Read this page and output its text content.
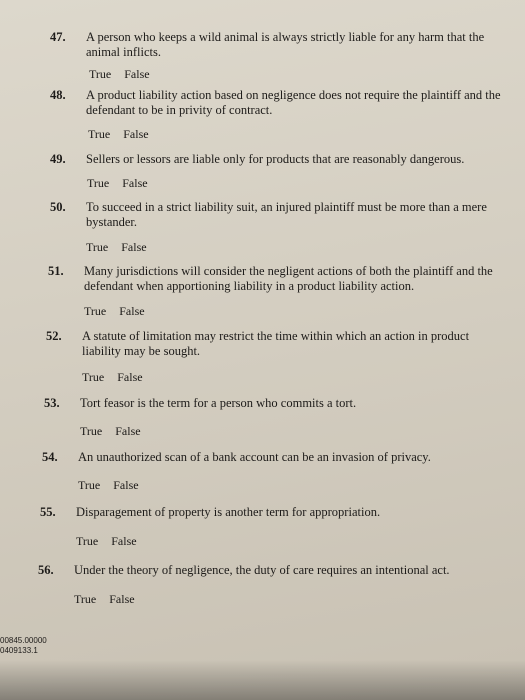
47. A person who keeps a wild animal is always strictly liable for any harm that the animal inflicts.
True False
48. A product liability action based on negligence does not require the plaintiff and the defendant to be in privity of contract.
True False
49. Sellers or lessors are liable only for products that are reasonably dangerous.
True False
50. To succeed in a strict liability suit, an injured plaintiff must be more than a mere bystander.
True False
51. Many jurisdictions will consider the negligent actions of both the plaintiff and the defendant when apportioning liability in a product liability action.
True False
52. A statute of limitation may restrict the time within which an action in product liability may be sought.
True False
53. Tort feasor is the term for a person who commits a tort.
True False
54. An unauthorized scan of a bank account can be an invasion of privacy.
True False
55. Disparagement of property is another term for appropriation.
True False
56. Under the theory of negligence, the duty of care requires an intentional act.
True False
00845.00000
0409133.1
